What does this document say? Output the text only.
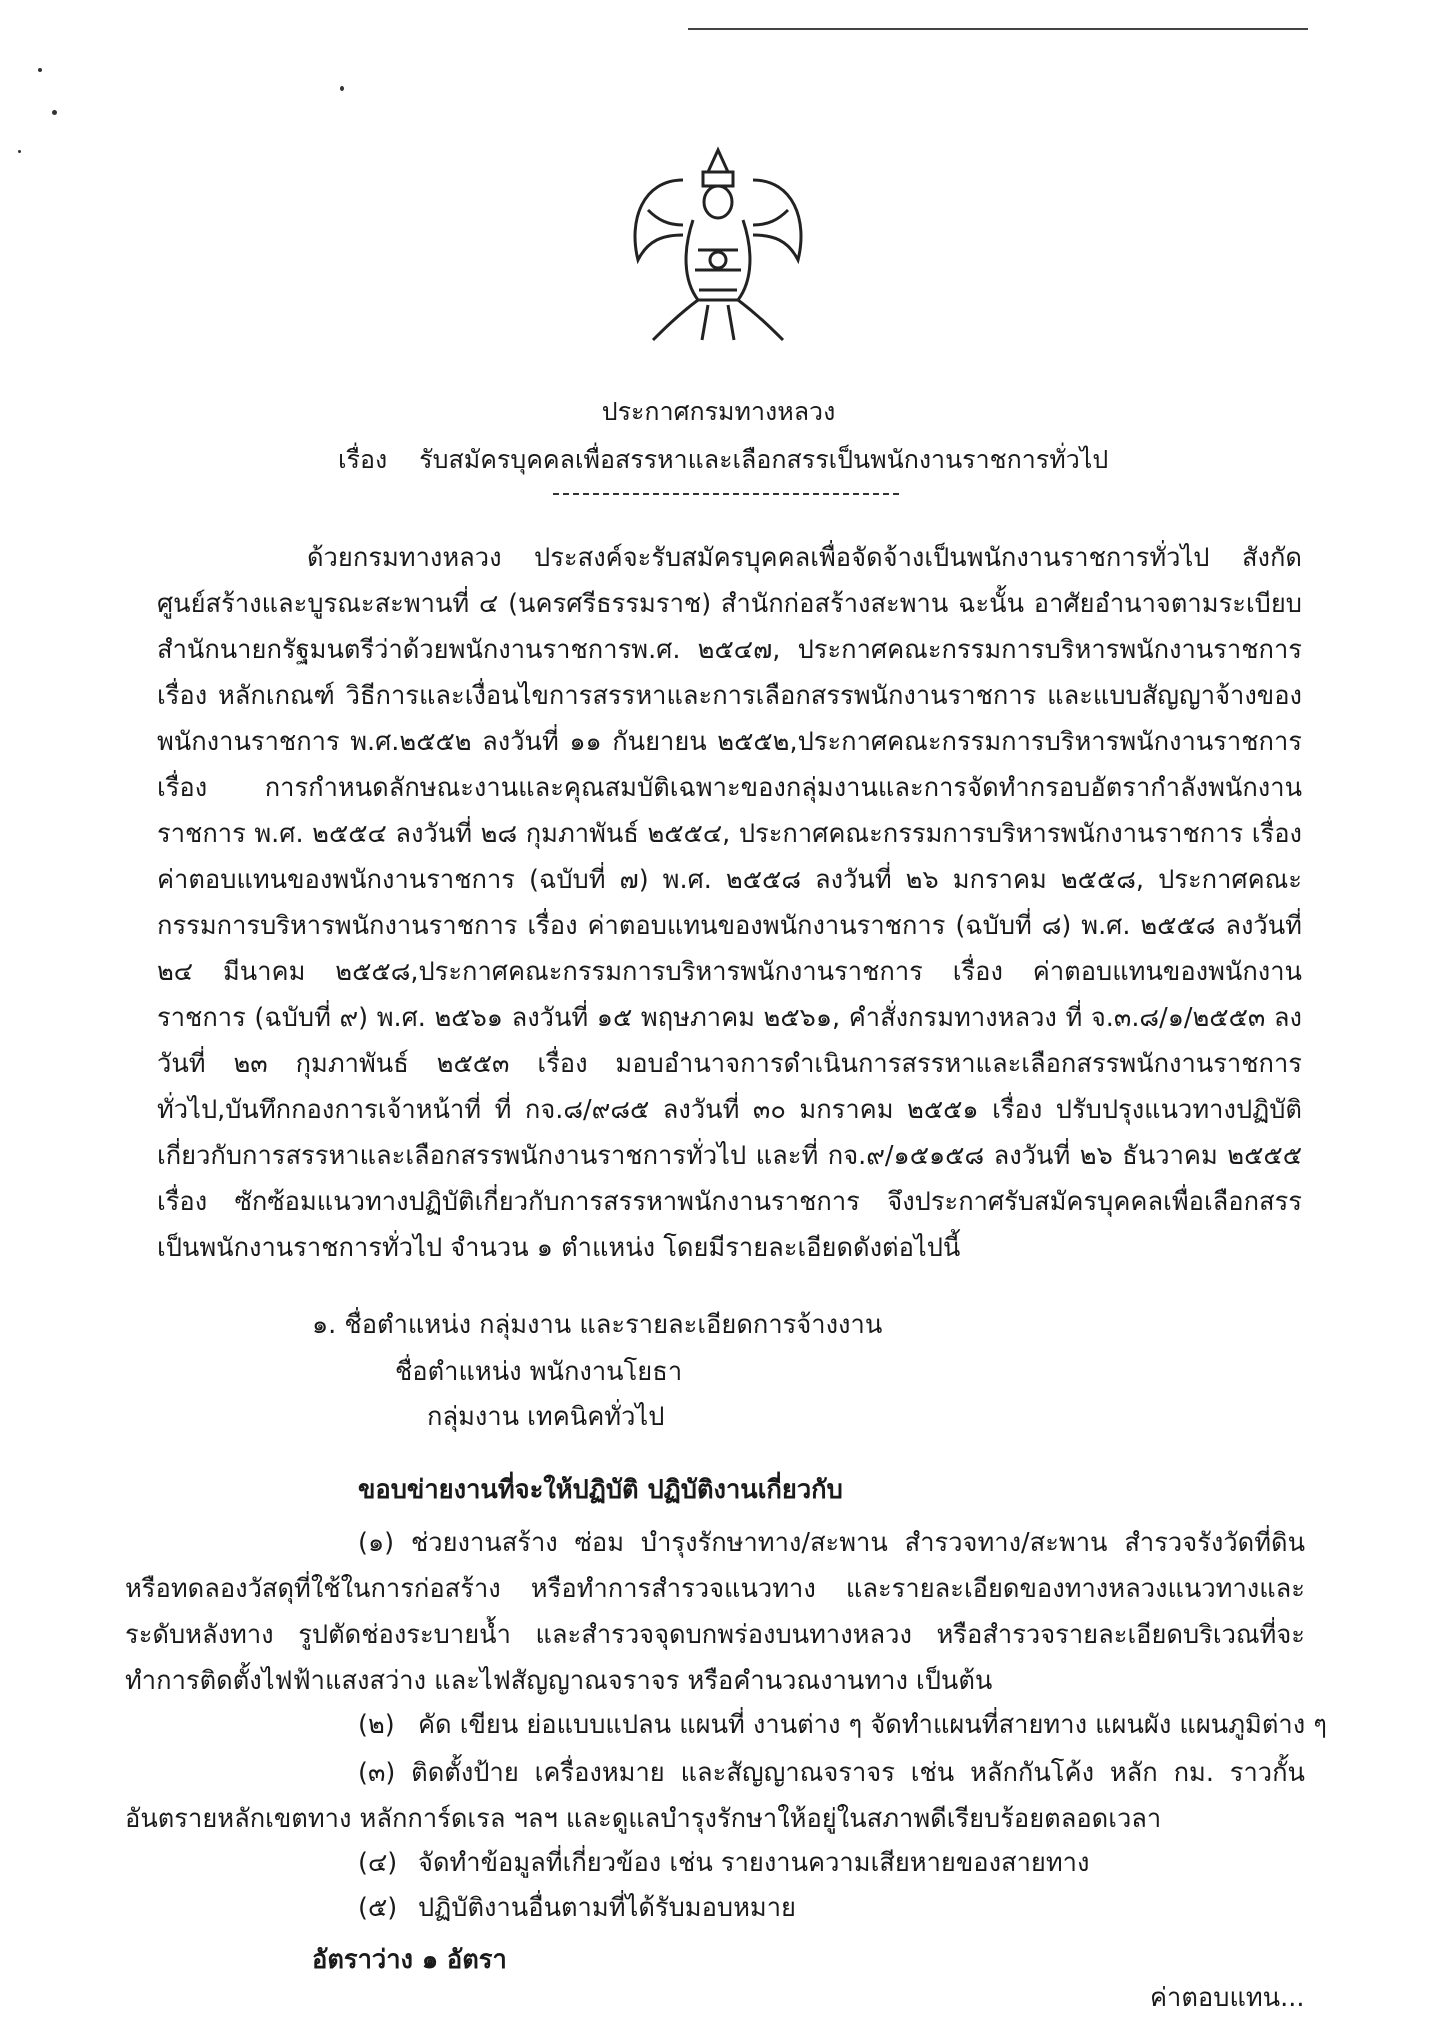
ประกาศกรมทางหลวง
เรื่อง รับสมัครบุคคลเพื่อสรรหาและเลือกสรรเป็นพนักงานราชการทั่วไป
ด้วยกรมทางหลวง ประสงค์จะรับสมัครบุคคลเพื่อจัดจ้างเป็นพนักงานราชการทั่วไป สังกัด ศูนย์สร้างและบูรณะสะพานที่ ๔ (นครศรีธรรมราช) สำนักก่อสร้างสะพาน ฉะนั้น อาศัยอำนาจตามระเบียบสำนักนายกรัฐมนตรีว่าด้วยพนักงานราชการพ.ศ. ๒๕๔๗, ประกาศคณะกรรมการบริหารพนักงานราชการ เรื่อง หลักเกณฑ์ วิธีการและเงื่อนไขการสรรหาและการเลือกสรรพนักงานราชการ และแบบสัญญาจ้างของ พนักงานราชการ พ.ศ.๒๕๕๒ ลงวันที่ ๑๑ กันยายน ๒๕๕๒,ประกาศคณะกรรมการบริหารพนักงานราชการ เรื่อง การกำหนดลักษณะงานและคุณสมบัติเฉพาะของกลุ่มงานและการจัดทำกรอบอัตรากำลังพนักงานราชการ พ.ศ. ๒๕๕๔ ลงวันที่ ๒๘ กุมภาพันธ์ ๒๕๕๔, ประกาศคณะกรรมการบริหารพนักงานราชการ เรื่อง ค่าตอบแทนของพนักงานราชการ (ฉบับที่ ๗) พ.ศ. ๒๕๕๘ ลงวันที่ ๒๖ มกราคม ๒๕๕๘, ประกาศคณะกรรมการบริหารพนักงานราชการ เรื่อง ค่าตอบแทนของพนักงานราชการ (ฉบับที่ ๘) พ.ศ. ๒๕๕๘ ลงวันที่ ๒๔ มีนาคม ๒๕๕๘,ประกาศคณะกรรมการบริหารพนักงานราชการ เรื่อง ค่าตอบแทนของพนักงานราชการ (ฉบับที่ ๙) พ.ศ. ๒๕๖๑ ลงวันที่ ๑๕ พฤษภาคม ๒๕๖๑, คำสั่งกรมทางหลวง ที่ จ.๓.๘/๑/๒๕๕๓ ลงวันที่ ๒๓ กุมภาพันธ์ ๒๕๕๓ เรื่อง มอบอำนาจการดำเนินการสรรหาและเลือกสรรพนักงานราชการทั่วไป,บันทึกกองการเจ้าหน้าที่ ที่ กจ.๘/๙๘๕ ลงวันที่ ๓๐ มกราคม ๒๕๕๑ เรื่อง ปรับปรุงแนวทางปฏิบัติเกี่ยวกับการสรรหาและเลือกสรรพนักงานราชการทั่วไป และที่ กจ.๙/๑๕๑๕๘ ลงวันที่ ๒๖ ธันวาคม ๒๕๕๕ เรื่อง ซักซ้อมแนวทางปฏิบัติเกี่ยวกับการสรรหาพนักงานราชการ จึงประกาศรับสมัครบุคคลเพื่อเลือกสรรเป็นพนักงานราชการทั่วไป จำนวน ๑ ตำแหน่ง โดยมีรายละเอียดดังต่อไปนี้
๑. ชื่อตำแหน่ง กลุ่มงาน และรายละเอียดการจ้างงาน
ชื่อตำแหน่ง พนักงานโยธา
กลุ่มงาน เทคนิคทั่วไป
ขอบข่ายงานที่จะให้ปฏิบัติ ปฏิบัติงานเกี่ยวกับ
(๑) ช่วยงานสร้าง ซ่อม บำรุงรักษาทาง/สะพาน สำรวจทาง/สะพาน สำรวจรังวัดที่ดินหรือทดลองวัสดุที่ใช้ในการก่อสร้าง หรือทำการสำรวจแนวทาง และรายละเอียดของทางหลวงแนวทางและระดับหลังทาง รูปตัดช่องระบายน้ำ และสำรวจจุดบกพร่องบนทางหลวง หรือสำรวจรายละเอียดบริเวณที่จะทำการติดตั้งไฟฟ้าแสงสว่าง และไฟสัญญาณจราจร หรือคำนวณงานทาง เป็นต้น
(๒) คัด เขียน ย่อแบบแปลน แผนที่ งานต่าง ๆ จัดทำแผนที่สายทาง แผนผัง แผนภูมิต่าง ๆ
(๓) ติดตั้งป้าย เครื่องหมาย และสัญญาณจราจร เช่น หลักกันโค้ง หลัก กม. ราวกั้นอันตรายหลักเขตทาง หลักการ์ดเรล ฯลฯ และดูแลบำรุงรักษาให้อยู่ในสภาพดีเรียบร้อยตลอดเวลา
(๔) จัดทำข้อมูลที่เกี่ยวข้อง เช่น รายงานความเสียหายของสายทาง
(๕) ปฏิบัติงานอื่นตามที่ได้รับมอบหมาย
อัตราว่าง ๑ อัตรา
ค่าตอบแทน...
